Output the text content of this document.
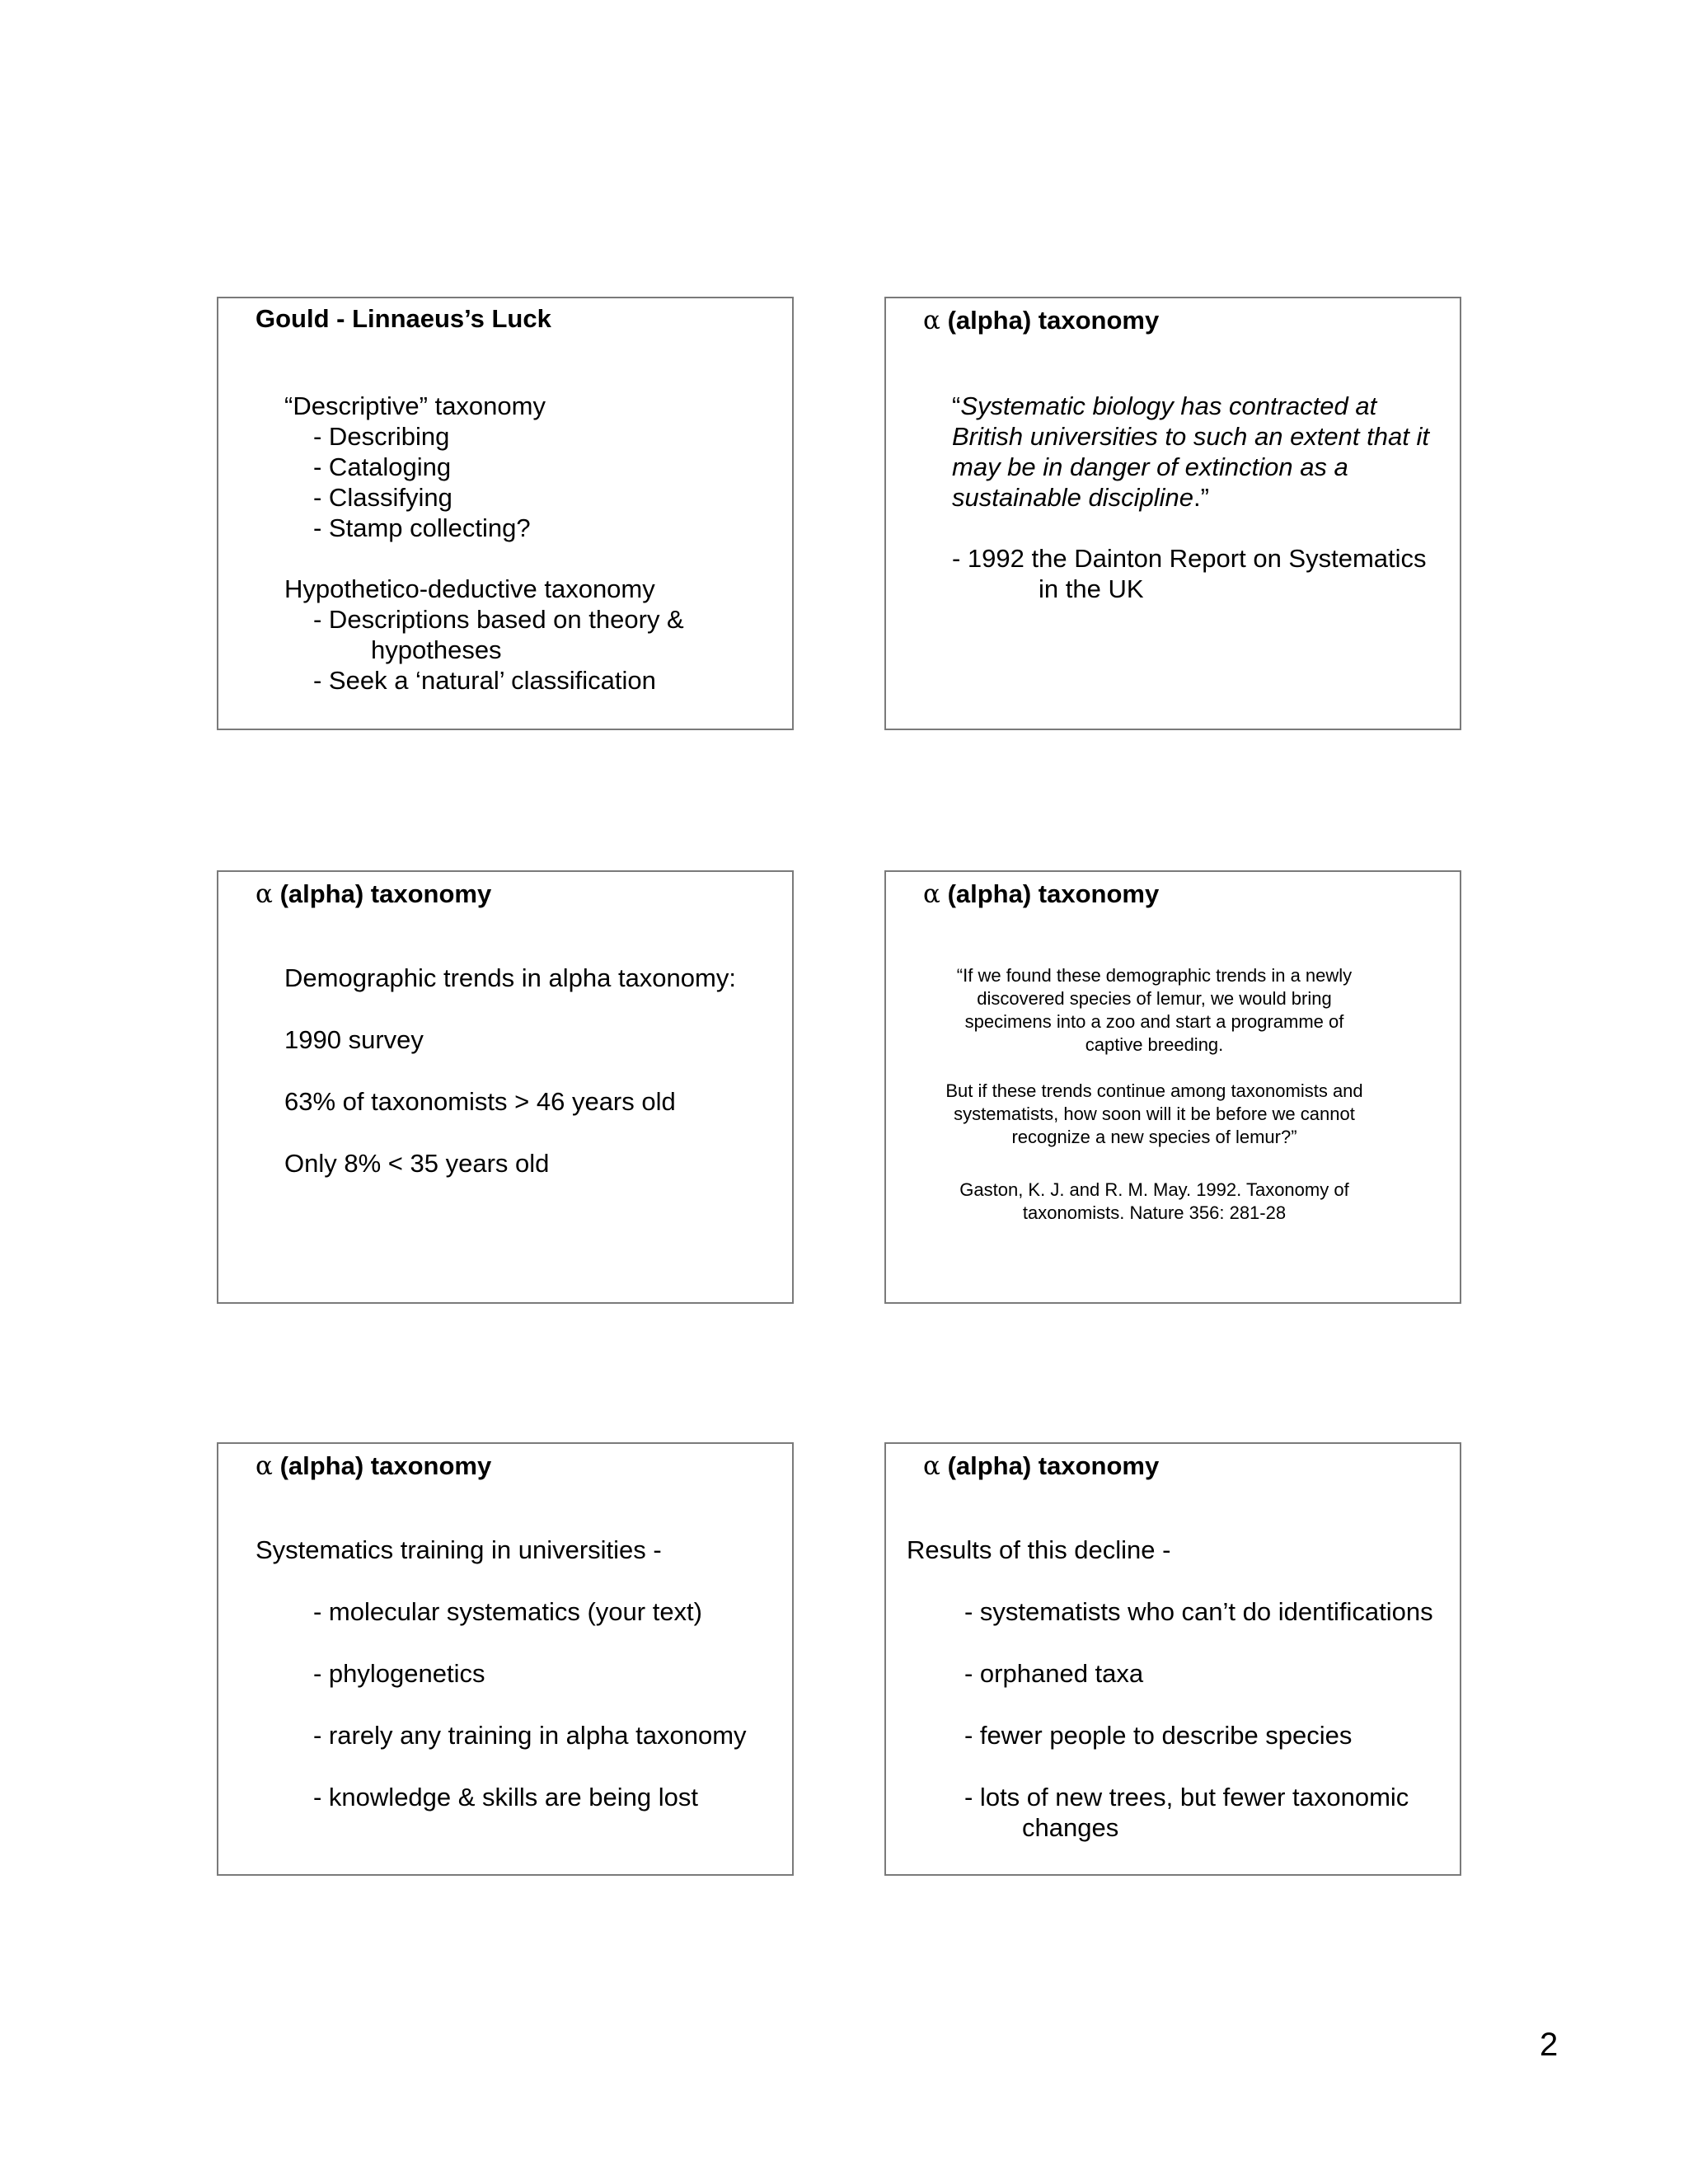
Gould - Linnaeus’s Luck
“Descriptive” taxonomy
- Describing
- Cataloging
- Classifying
- Stamp collecting?
Hypothetico-deductive taxonomy
- Descriptions based on theory &
hypotheses
- Seek a ‘natural’ classification
α (alpha) taxonomy
“Systematic biology has contracted at
British universities to such an extent that it
may be in danger of extinction as a
sustainable discipline.”
- 1992 the Dainton Report on Systematics
in the UK
α (alpha) taxonomy
Demographic trends in alpha taxonomy:
1990 survey
63% of taxonomists > 46 years old
Only 8% < 35 years old
α (alpha) taxonomy
“If we found these demographic trends in a newly
discovered species of lemur, we would bring
specimens into a zoo and start a programme of
captive breeding.
But if these trends continue among taxonomists and
systematists, how soon will it be before we cannot
recognize a new species of lemur?”
Gaston, K. J. and R. M. May. 1992. Taxonomy of
taxonomists. Nature 356: 281-28
α (alpha) taxonomy
Systematics training in universities -
- molecular systematics (your text)
- phylogenetics
- rarely any training in alpha taxonomy
- knowledge & skills are being lost
α (alpha) taxonomy
Results of this decline -
- systematists who can’t do identifications
- orphaned taxa
- fewer people to describe species
- lots of new trees, but fewer taxonomic
changes
2
